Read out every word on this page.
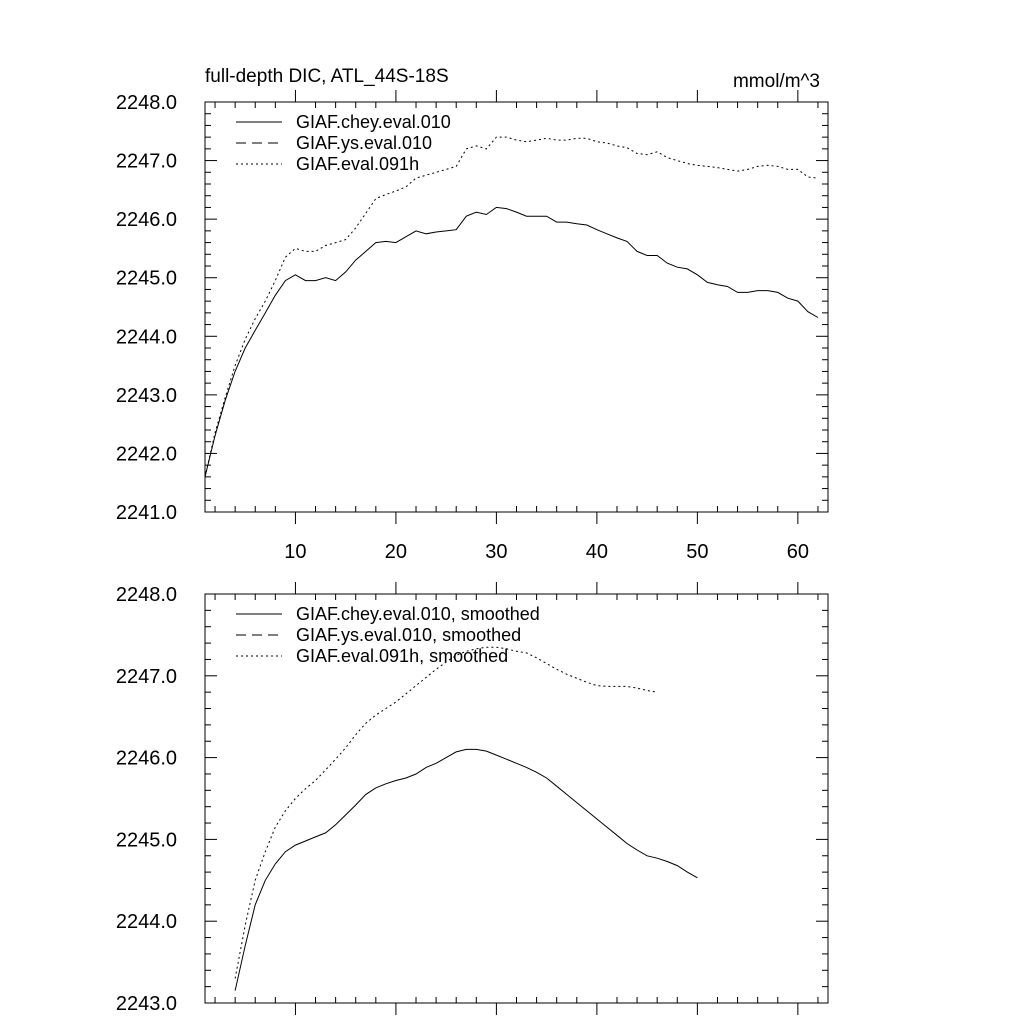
2241.0
2242.0
2243.0
2244.0
2245.0
2246.0
2247.0
2248.0
10	20	30	40	50	60
full-depth DIC, ATL_44S-18S	mmol/m^3
GIAF.chey.eval.010
GIAF.ys.eval.010
GIAF.eval.091h
2243.0
2244.0
2245.0
2246.0
2247.0
2248.0
GIAF.chey.eval.010, smoothed
GIAF.ys.eval.010, smoothed
GIAF.eval.091h, smoothed
